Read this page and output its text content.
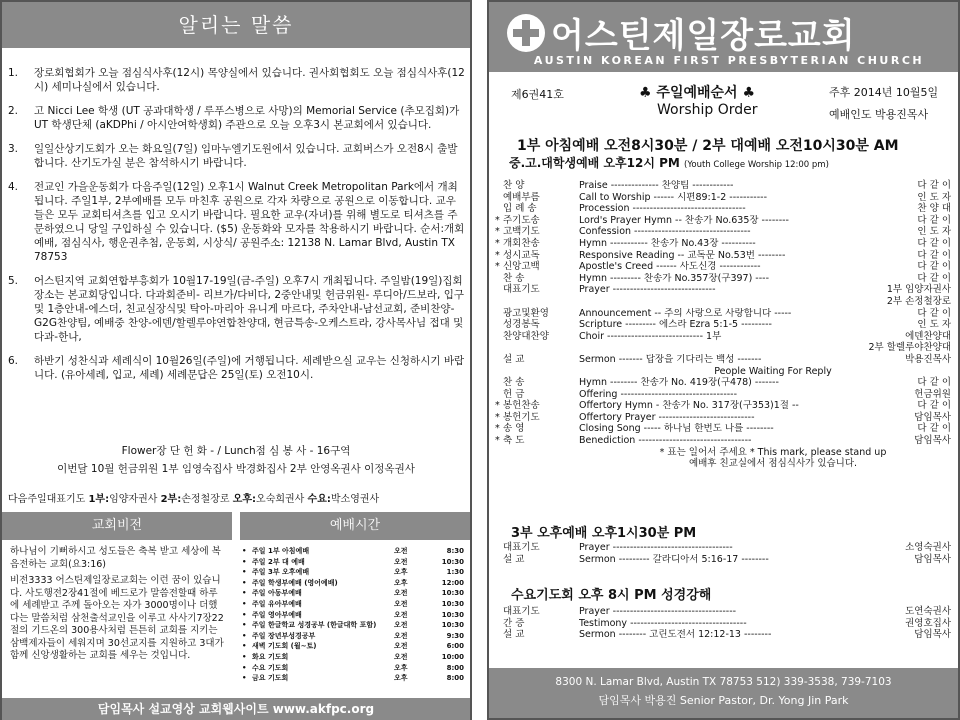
알리는 말씀
1.	장로회협회가 오늘 점심식사후(12시) 목양실에서 있습니다. 권사회협회도 오늘 점심식사후(12시) 세미나실에서 있습니다.
2.	고 Nicci Lee 학생 (UT 공과대학생 / 루푸스병으로 사망)의 Memorial Service (추모집회)가 UT 학생단체 (aKDPhi / 아시안여학생회) 주관으로 오늘 오후3시 본교회에서 있습니다.
3.	일일산상기도회가 오는 화요일(7일) 임마누엘기도원에서 있습니다. 교회버스가 오전8시 출발합니다. 산기도가실 분은 참석하시기 바랍니다.
4.	전교인 가을운동회가 다음주일(12일) 오후1시 Walnut Creek Metropolitan Park에서 개최됩니다. 주일1부, 2부예배를 모두 마친후 공원으로 각자 차량으로 공원으로 이동합니다. 교우들은 모두 교회티셔츠를 입고 오시기 바랍니다. 필요한 교우(자녀)를 위해 별도로 티셔츠를 주문하였으니 당일 구입하실 수 있습니다. ($5) 운동화와 모자를 착용하시기 바랍니다. 순서:개회예배, 점심식사, 행운권추첨, 운동회, 시상식/ 공원주소: 12138 N. Lamar Blvd, Austin TX 78753
5.	어스틴지역 교회연합부흥회가 10월17-19일(금-주일) 오후7시 개최됩니다. 주일밤(19일)집회장소는 본교회당입니다. 다과회준비- 리브가/다비다, 2중안내및 헌금위원- 루디아/드보라, 입구및 1층안내-에스더, 친교실장식및 탁아-마리아 유니게 마르다, 주차안내-남선교회, 준비찬양-G2G찬양팀, 예배중 찬양-에덴/할렐루야연합찬양대, 현금특송-오케스트라, 강사목사님 접대 및 다과-한나,
6.	하반기 성찬식과 세례식이 10월26일(주일)에 거행됩니다. 세례받으실 교우는 신청하시기 바랍니다. (유아세례, 입교, 세례) 세례문답은 25일(토) 오전10시.
Flower장 단 헌 화 - / Lunch점 심 봉 사 - 16구역
이번달 10월 헌금위원 1부 임영숙집사 박경화집사 2부 안영옥권사 이정옥권사
다음주일대표기도 1부:임양자권사 2부:손정철장로 오후:오숙희권사 수요:박소영권사
교회비전	예배시간
하나님이 기뻐하시고 성도들은 축복 받고 세상에 복음전하는 교회(요3:16)
비전3333 어스틴제일장로교회는 이런 꿈이 있습니다. 사도행전2장41절에 베드로가 말씀전할때 하루에 세례받고 주께 돌아오는 자가 3000명이나 더했다는 말씀처럼 삼천출석교인을 이루고 사사기7장22절의 기드온의 300용사처럼 튼튼히 교회를 지키는 삼백제자들이 세워지며 30선교지를 지원하고 3대가 함께 신앙생활하는 교회를 세우는 것입니다.
• 주일 1부 아침예배	오전	8:30
• 주일 2부 대 예배	오전	10:30
• 주일 3부 오후예배	오후	1:30
• 주일 학생부예배 (영어예배)	오후	12:00
• 주일 아동부예배	오전	10:30
• 주일 유아부예배	오전	10:30
• 주일 영아부예배	오전	10:30
• 주일 한글학교 성경공부 (한글대학 포함)	오전	10:30
• 주일 장년부성경공부	오전	9:30
• 새벽 기도회 (월~토)	오전	6:00
• 화요 기도회	오전	10:00
• 수요 기도회	오후	8:00
• 금요 기도회	오후	8:00
담임목사 설교영상 교회웹사이트 www.akfpc.org
어스틴제일장로교회
AUSTIN KOREAN FIRST PRESBYTERIAN CHURCH
제6권41호	♣ 주일예배순서 ♣	주후 2014년 10월5일
Worship Order	예배인도 박용진목사
1부 아침예배 오전8시30분 / 2부 대예배 오전10시30분 AM
중.고.대학생예배 오후12시 PM (Youth College Worship 12:00 pm)
찬 양	Praise -------------- 찬양팀 ------------	다 같 이
예배부름	Call to Worship ------ 시편89:1-2 -----------	인 도 자
입 례 송	Procession ---------------------------------	찬 양 대
* 주기도송	Lord's Prayer Hymn -- 찬송가 No.635장 --------	다 같 이
* 고백기도	Confession ----------------------------------	인 도 자
* 개회찬송	Hymn ----------- 찬송가 No.43장 ----------	다 같 이
* 성시교독	Responsive Reading -- 교독문 No.53번 --------	다 같 이
* 신앙고백	Apostle's Creed ------ 사도신경 ------------	다 같 이
찬 송	Hymn --------- 찬송가 No.357장(구397) ----	다 같 이
대표기도	Prayer ------------------------------	1부 임양자권사
2부 손정철장로
광고및환영	Announcement -- 주의 사랑으로 사랑합니다 -----	다 같 이
성경봉독	Scripture --------- 에스라 Ezra 5:1-5 ---------	인 도 자
찬양대찬양	Choir ---------------------------- 1부	에덴찬양대
2부 할렐루야찬양대
설 교	Sermon ------- 답장을 기다리는 백성 -------	박용진목사
People Waiting For Reply
찬 송	Hymn -------- 찬송가 No. 419장(구478) -------	다 같 이
헌 금	Offering ----------------------------------	헌금위원
* 봉헌찬송	Offertory Hymn - 찬송가 No. 317장(구353)1절 --	다 같 이
* 봉헌기도	Offertory Prayer ----------------------------	담임목사
* 송 영	Closing Song ----- 하나님 한번도 나를 --------	다 같 이
* 축 도	Benediction ---------------------------------	담임목사
* 표는 일어서 주세요 * This mark, please stand up
예배후 친교실에서 점심식사가 있습니다.
3부 오후예배 오후1시30분 PM
대표기도	Prayer -----------------------------------	소영숙권사
설 교	Sermon --------- 갈라디아서 5:16-17 --------	담임목사
수요기도회 오후 8시 PM 성경강해
대표기도	Prayer ------------------------------------	도연숙권사
간 증	Testimony ----------------------------------	권영호집사
설 교	Sermon -------- 고린도전서 12:12-13 --------	담임목사
8300 N. Lamar Blvd, Austin TX 78753 512) 339-3538, 739-7103
담임목사 박용진 Senior Pastor, Dr. Yong Jin Park
